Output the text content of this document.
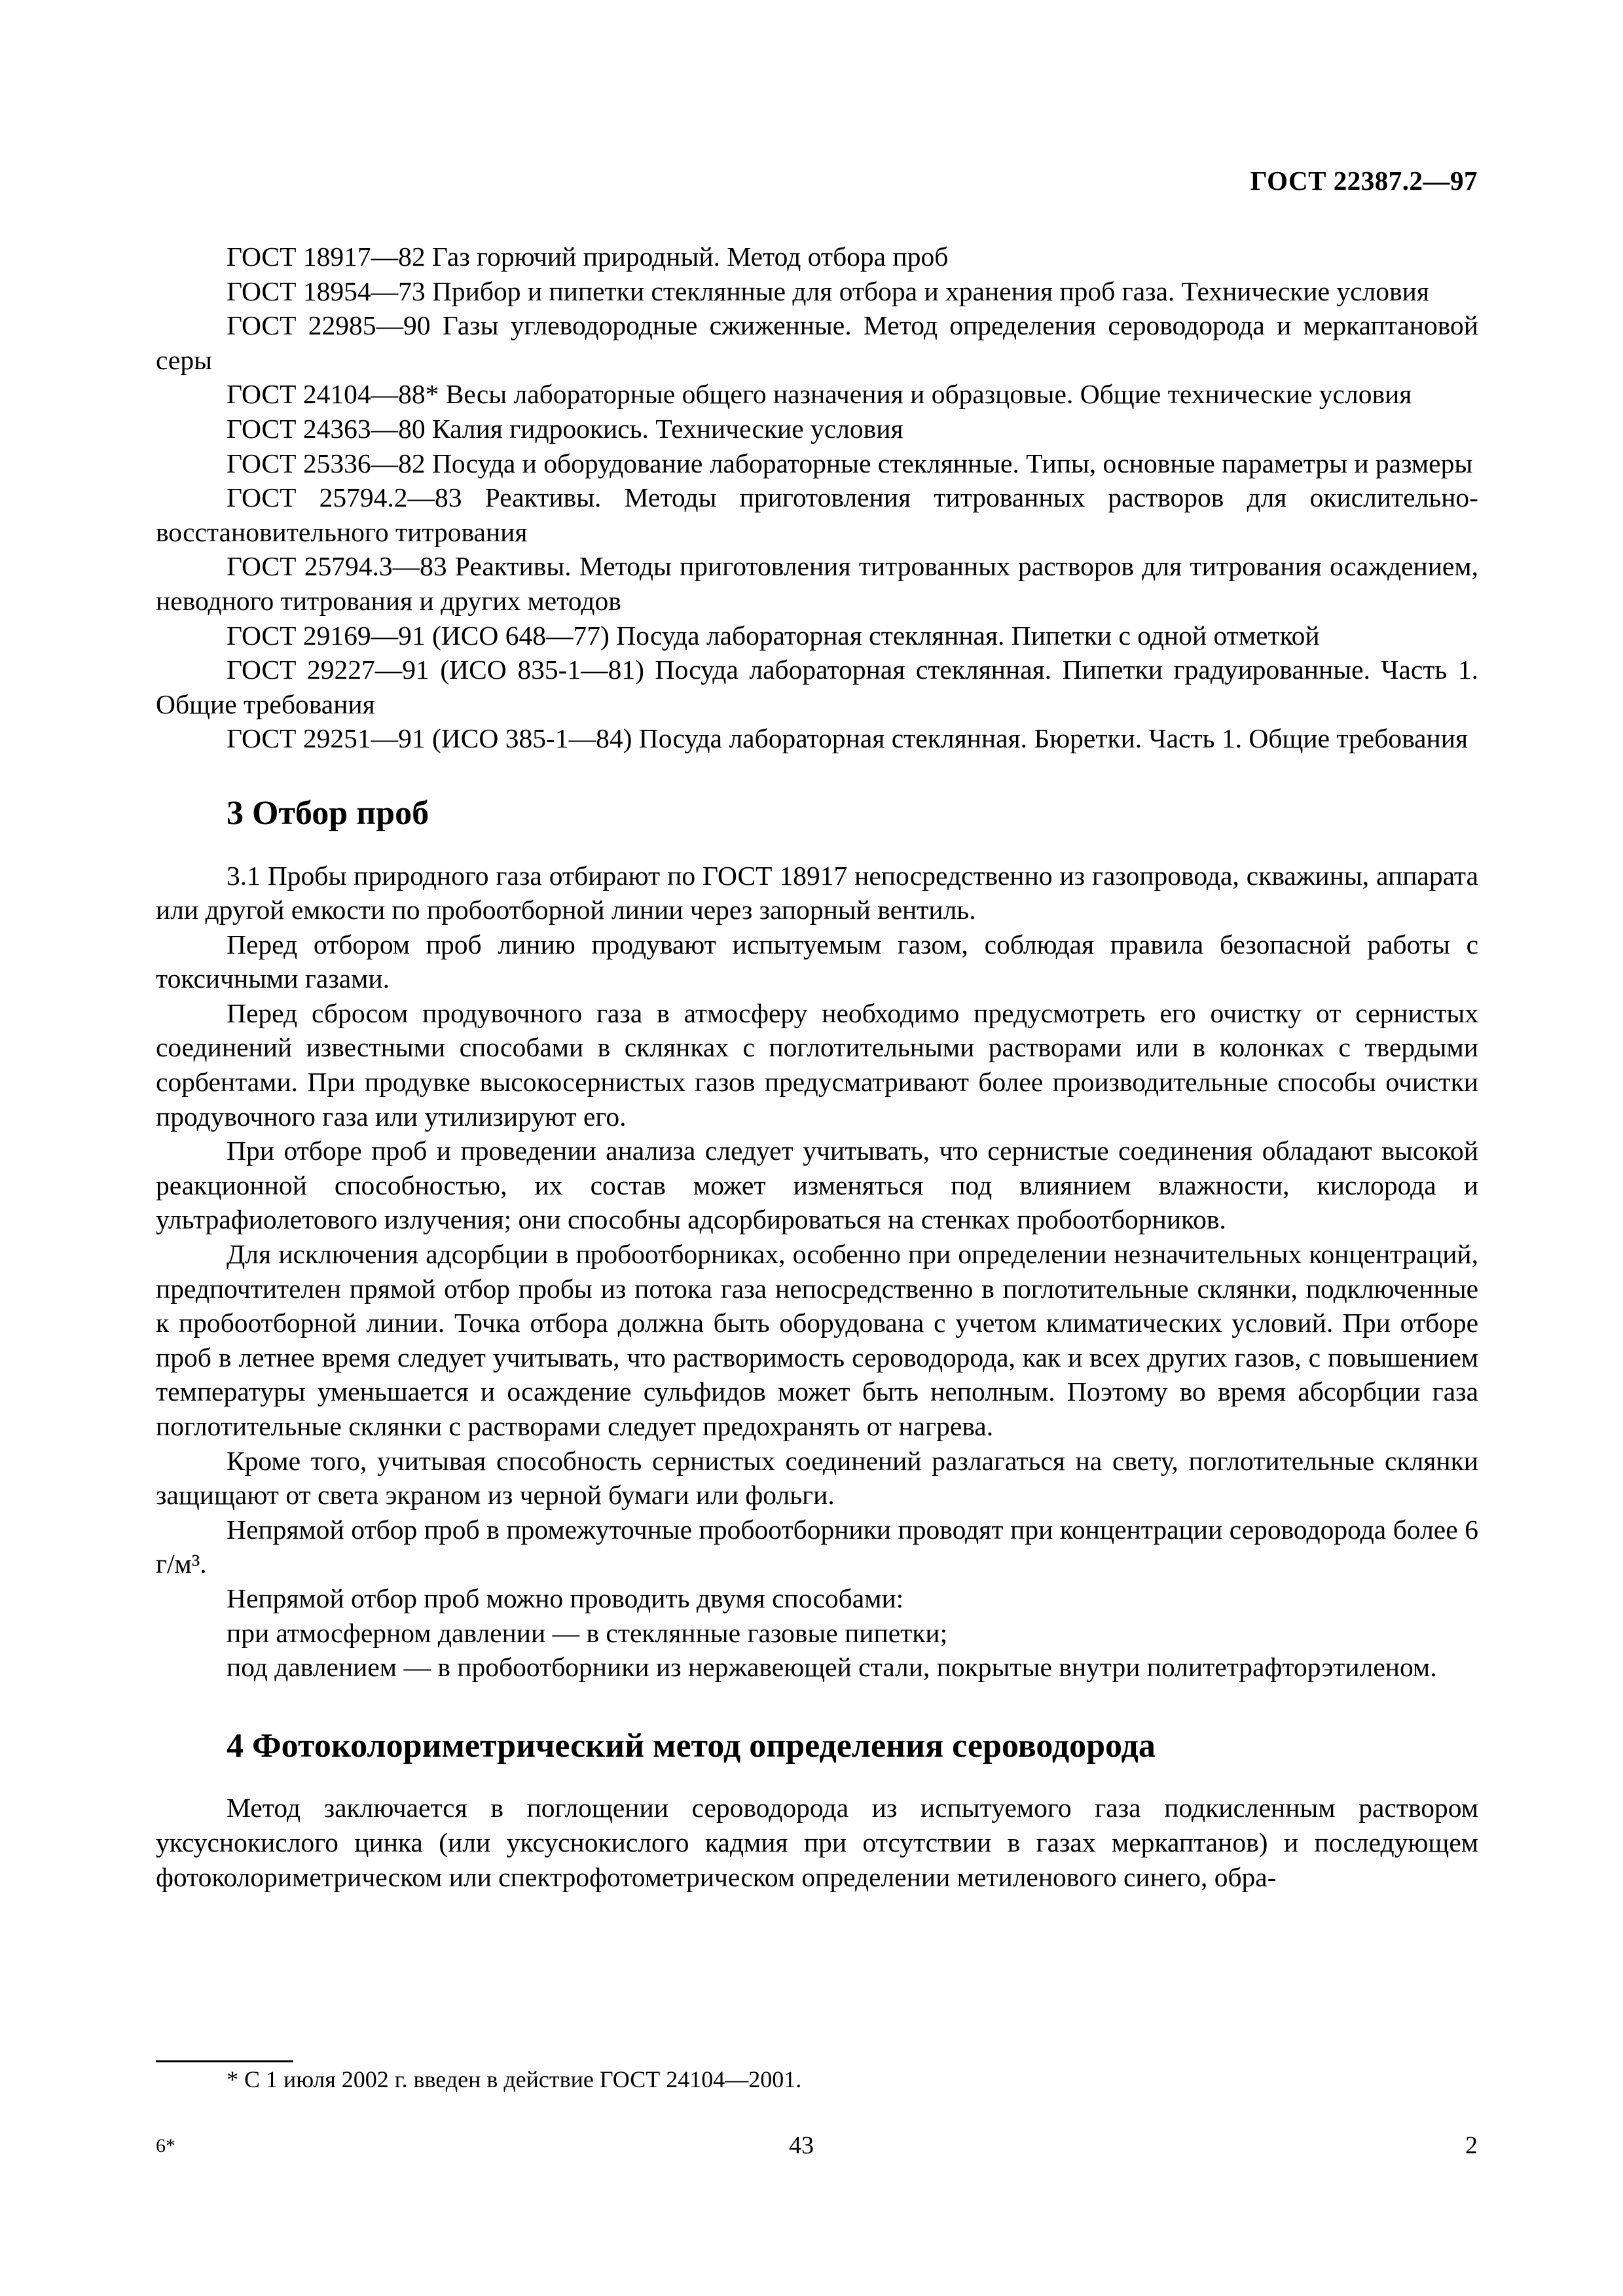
ГОСТ 22387.2—97

ГОСТ 18917—82 Газ горючий природный. Метод отбора проб

ГОСТ 18954—73 Прибор и пипетки стеклянные для отбора и хранения проб газа. Технические условия

ГОСТ 22985—90 Газы углеводородные сжиженные. Метод определения сероводорода и меркаптановой серы

ГОСТ 24104—88* Весы лабораторные общего назначения и образцовые. Общие технические условия

ГОСТ 24363—80 Калия гидроокись. Технические условия

ГОСТ 25336—82 Посуда и оборудование лабораторные стеклянные. Типы, основные параметры и размеры

ГОСТ 25794.2—83 Реактивы. Методы приготовления титрованных растворов для окислительно-восстановительного титрования

ГОСТ 25794.3—83 Реактивы. Методы приготовления титрованных растворов для титрования осаждением, неводного титрования и других методов

ГОСТ 29169—91 (ИСО 648—77) Посуда лабораторная стеклянная. Пипетки с одной отметкой

ГОСТ 29227—91 (ИСО 835-1—81) Посуда лабораторная стеклянная. Пипетки градуированные. Часть 1. Общие требования

ГОСТ 29251—91 (ИСО 385-1—84) Посуда лабораторная стеклянная. Бюретки. Часть 1. Общие требования

3 Отбор проб

3.1 Пробы природного газа отбирают по ГОСТ 18917 непосредственно из газопровода, скважины, аппарата или другой емкости по пробоотборной линии через запорный вентиль.

Перед отбором проб линию продувают испытуемым газом, соблюдая правила безопасной работы с токсичными газами.

Перед сбросом продувочного газа в атмосферу необходимо предусмотреть его очистку от сернистых соединений известными способами в склянках с поглотительными растворами или в колонках с твердыми сорбентами. При продувке высокосернистых газов предусматривают более производительные способы очистки продувочного газа или утилизируют его.

При отборе проб и проведении анализа следует учитывать, что сернистые соединения обладают высокой реакционной способностью, их состав может изменяться под влиянием влажности, кислорода и ультрафиолетового излучения; они способны адсорбироваться на стенках пробоотборников.

Для исключения адсорбции в пробоотборниках, особенно при определении незначительных концентраций, предпочтителен прямой отбор пробы из потока газа непосредственно в поглотительные склянки, подключенные к пробоотборной линии. Точка отбора должна быть оборудована с учетом климатических условий. При отборе проб в летнее время следует учитывать, что растворимость сероводорода, как и всех других газов, с повышением температуры уменьшается и осаждение сульфидов может быть неполным. Поэтому во время абсорбции газа поглотительные склянки с растворами следует предохранять от нагрева.

Кроме того, учитывая способность сернистых соединений разлагаться на свету, поглотительные склянки защищают от света экраном из черной бумаги или фольги.

Непрямой отбор проб в промежуточные пробоотборники проводят при концентрации сероводорода более 6 г/м³.

Непрямой отбор проб можно проводить двумя способами:

при атмосферном давлении — в стеклянные газовые пипетки;

под давлением — в пробоотборники из нержавеющей стали, покрытые внутри политетрафторэтиленом.

4 Фотоколориметрический метод определения сероводорода

Метод заключается в поглощении сероводорода из испытуемого газа подкисленным раствором уксуснокислого цинка (или уксуснокислого кадмия при отсутствии в газах меркаптанов) и последующем фотоколориметрическом или спектрофотометрическом определении метиленового синего, обра-

* С 1 июля 2002 г. введен в действие ГОСТ 24104—2001.
6*	43	2
